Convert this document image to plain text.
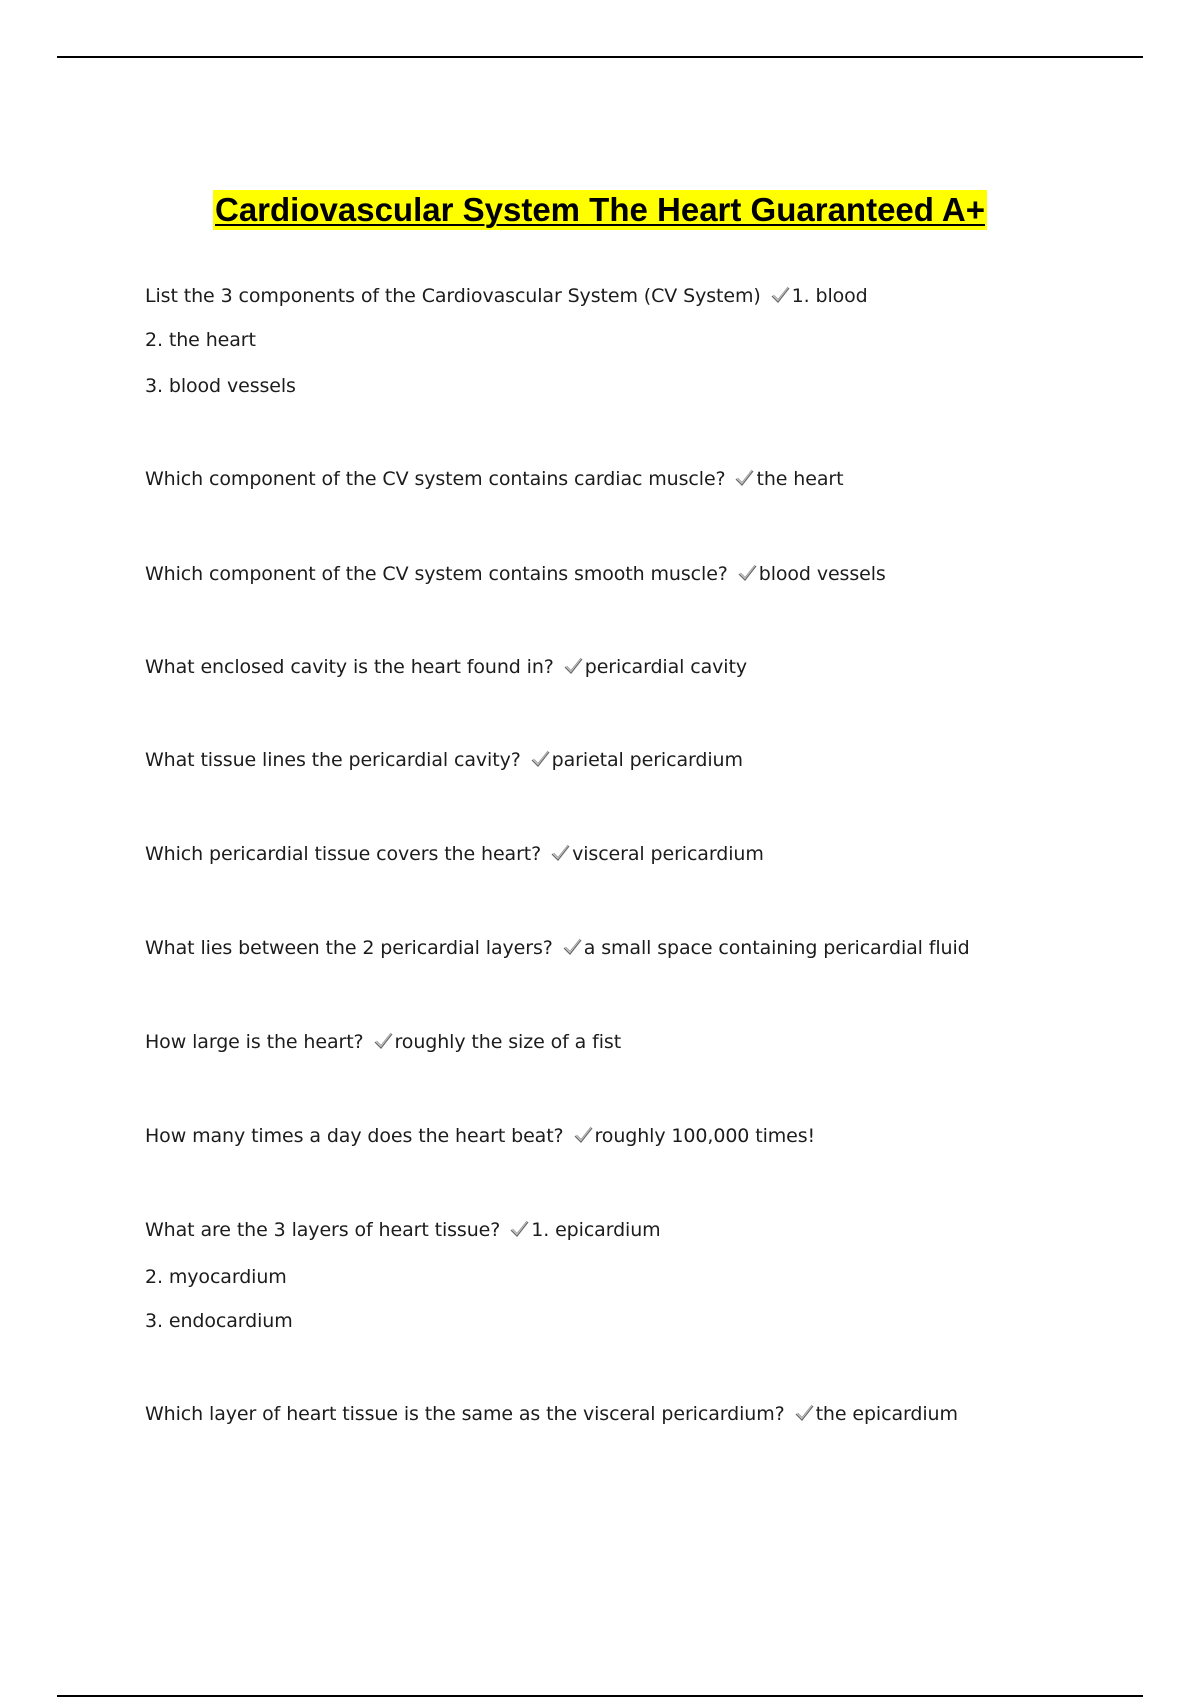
Cardiovascular System The Heart Guaranteed A+
List the 3 components of the Cardiovascular System (CV System) 1. blood
2. the heart
3. blood vessels
Which component of the CV system contains cardiac muscle? the heart
Which component of the CV system contains smooth muscle? blood vessels
What enclosed cavity is the heart found in? pericardial cavity
What tissue lines the pericardial cavity? parietal pericardium
Which pericardial tissue covers the heart? visceral pericardium
What lies between the 2 pericardial layers? a small space containing pericardial fluid
How large is the heart? roughly the size of a fist
How many times a day does the heart beat? roughly 100,000 times!
What are the 3 layers of heart tissue? 1. epicardium
2. myocardium
3. endocardium
Which layer of heart tissue is the same as the visceral pericardium? the epicardium
